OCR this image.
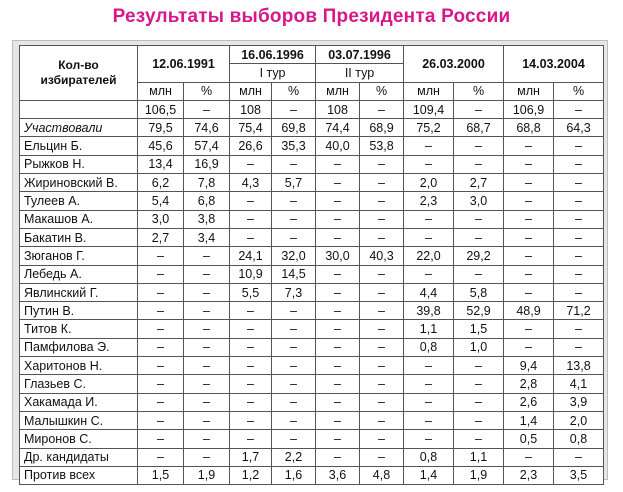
Результаты выборов Президента России
Кол-во избирателей	12.06.1991		16.06.1996		03.07.1996		26.03.2000		14.03.2004	
			I тур		II тур					
	млн	%	млн	%	млн	%	млн	%	млн	%
	106,5	–	108	–	108	–	109,4	–	106,9	–
Участвовали	79,5	74,6	75,4	69,8	74,4	68,9	75,2	68,7	68,8	64,3
Ельцин Б.	45,6	57,4	26,6	35,3	40,0	53,8	–	–	–	–
Рыжков Н.	13,4	16,9	–	–	–	–	–	–	–	–
Жириновский В.	6,2	7,8	4,3	5,7	–	–	2,0	2,7	–	–
Тулеев А.	5,4	6,8	–	–	–	–	2,3	3,0	–	–
Макашов А.	3,0	3,8	–	–	–	–	–	–	–	–
Бакатин В.	2,7	3,4	–	–	–	–	–	–	–	–
Зюганов Г.	–	–	24,1	32,0	30,0	40,3	22,0	29,2	–	–
Лебедь А.	–	–	10,9	14,5	–	–	–	–	–	–
Явлинский Г.	–	–	5,5	7,3	–	–	4,4	5,8	–	–
Путин В.	–	–	–	–	–	–	39,8	52,9	48,9	71,2
Титов К.	–	–	–	–	–	–	1,1	1,5	–	–
Памфилова Э.	–	–	–	–	–	–	0,8	1,0	–	–
Харитонов Н.	–	–	–	–	–	–	–	–	9,4	13,8
Глазьев С.	–	–	–	–	–	–	–	–	2,8	4,1
Хакамада И.	–	–	–	–	–	–	–	–	2,6	3,9
Малышкин С.	–	–	–	–	–	–	–	–	1,4	2,0
Миронов С.	–	–	–	–	–	–	–	–	0,5	0,8
Др. кандидаты	–	–	1,7	2,2	–	–	0,8	1,1	–	–
Против всех	1,5	1,9	1,2	1,6	3,6	4,8	1,4	1,9	2,3	3,5
